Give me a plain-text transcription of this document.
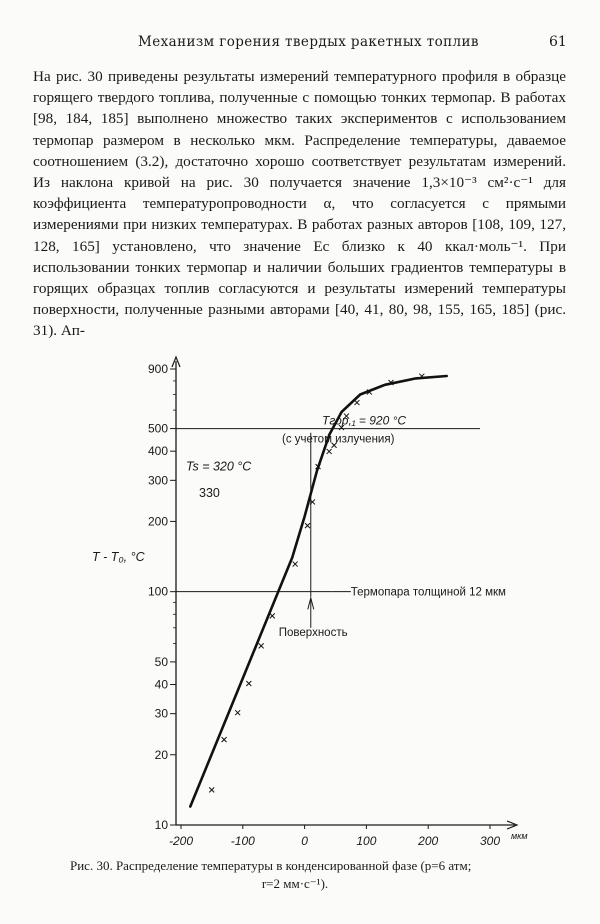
Механизм горения твердых ракетных топлив	61

На рис. 30 приведены результаты измерений температурного профиля в образце горящего твердого топлива, полученные с помощью тонких термопар. В работах [98, 184, 185] выполнено множество таких экспериментов с использованием термопар размером в несколько мкм. Распределение температуры, даваемое соотношением (3.2), достаточно хорошо соответствует результатам измерений. Из наклона кривой на рис. 30 получается значение 1,3×10⁻³ см²·с⁻¹ для коэффициента температуропроводности α, что согласуется с прямыми измерениями при низких температурах. В работах разных авторов [108, 109, 127, 128, 165] установлено, что значение Eс близко к 40 ккал·моль⁻¹. При использовании тонких термопар и наличии больших градиентов температуры в горящих образцах топлив согласуются и результаты измерений температуры поверхности, полученные разными авторами [40, 41, 80, 98, 155, 165, 185] (рис. 31). Ап-

900
500
400
300
200
100
50
40
30
20
10
-200	-100	0	100	200	300 мкм
T - T₀, °C
Tгор,₁ = 920 °C
(с учетом излучения)
Ts = 320 °C
330
Термопара толщиной 12 мкм
Поверхность
Рис. 30. Распределение температуры в конденсированной фазе (p=6 атм;
r=2 мм·с⁻¹).
